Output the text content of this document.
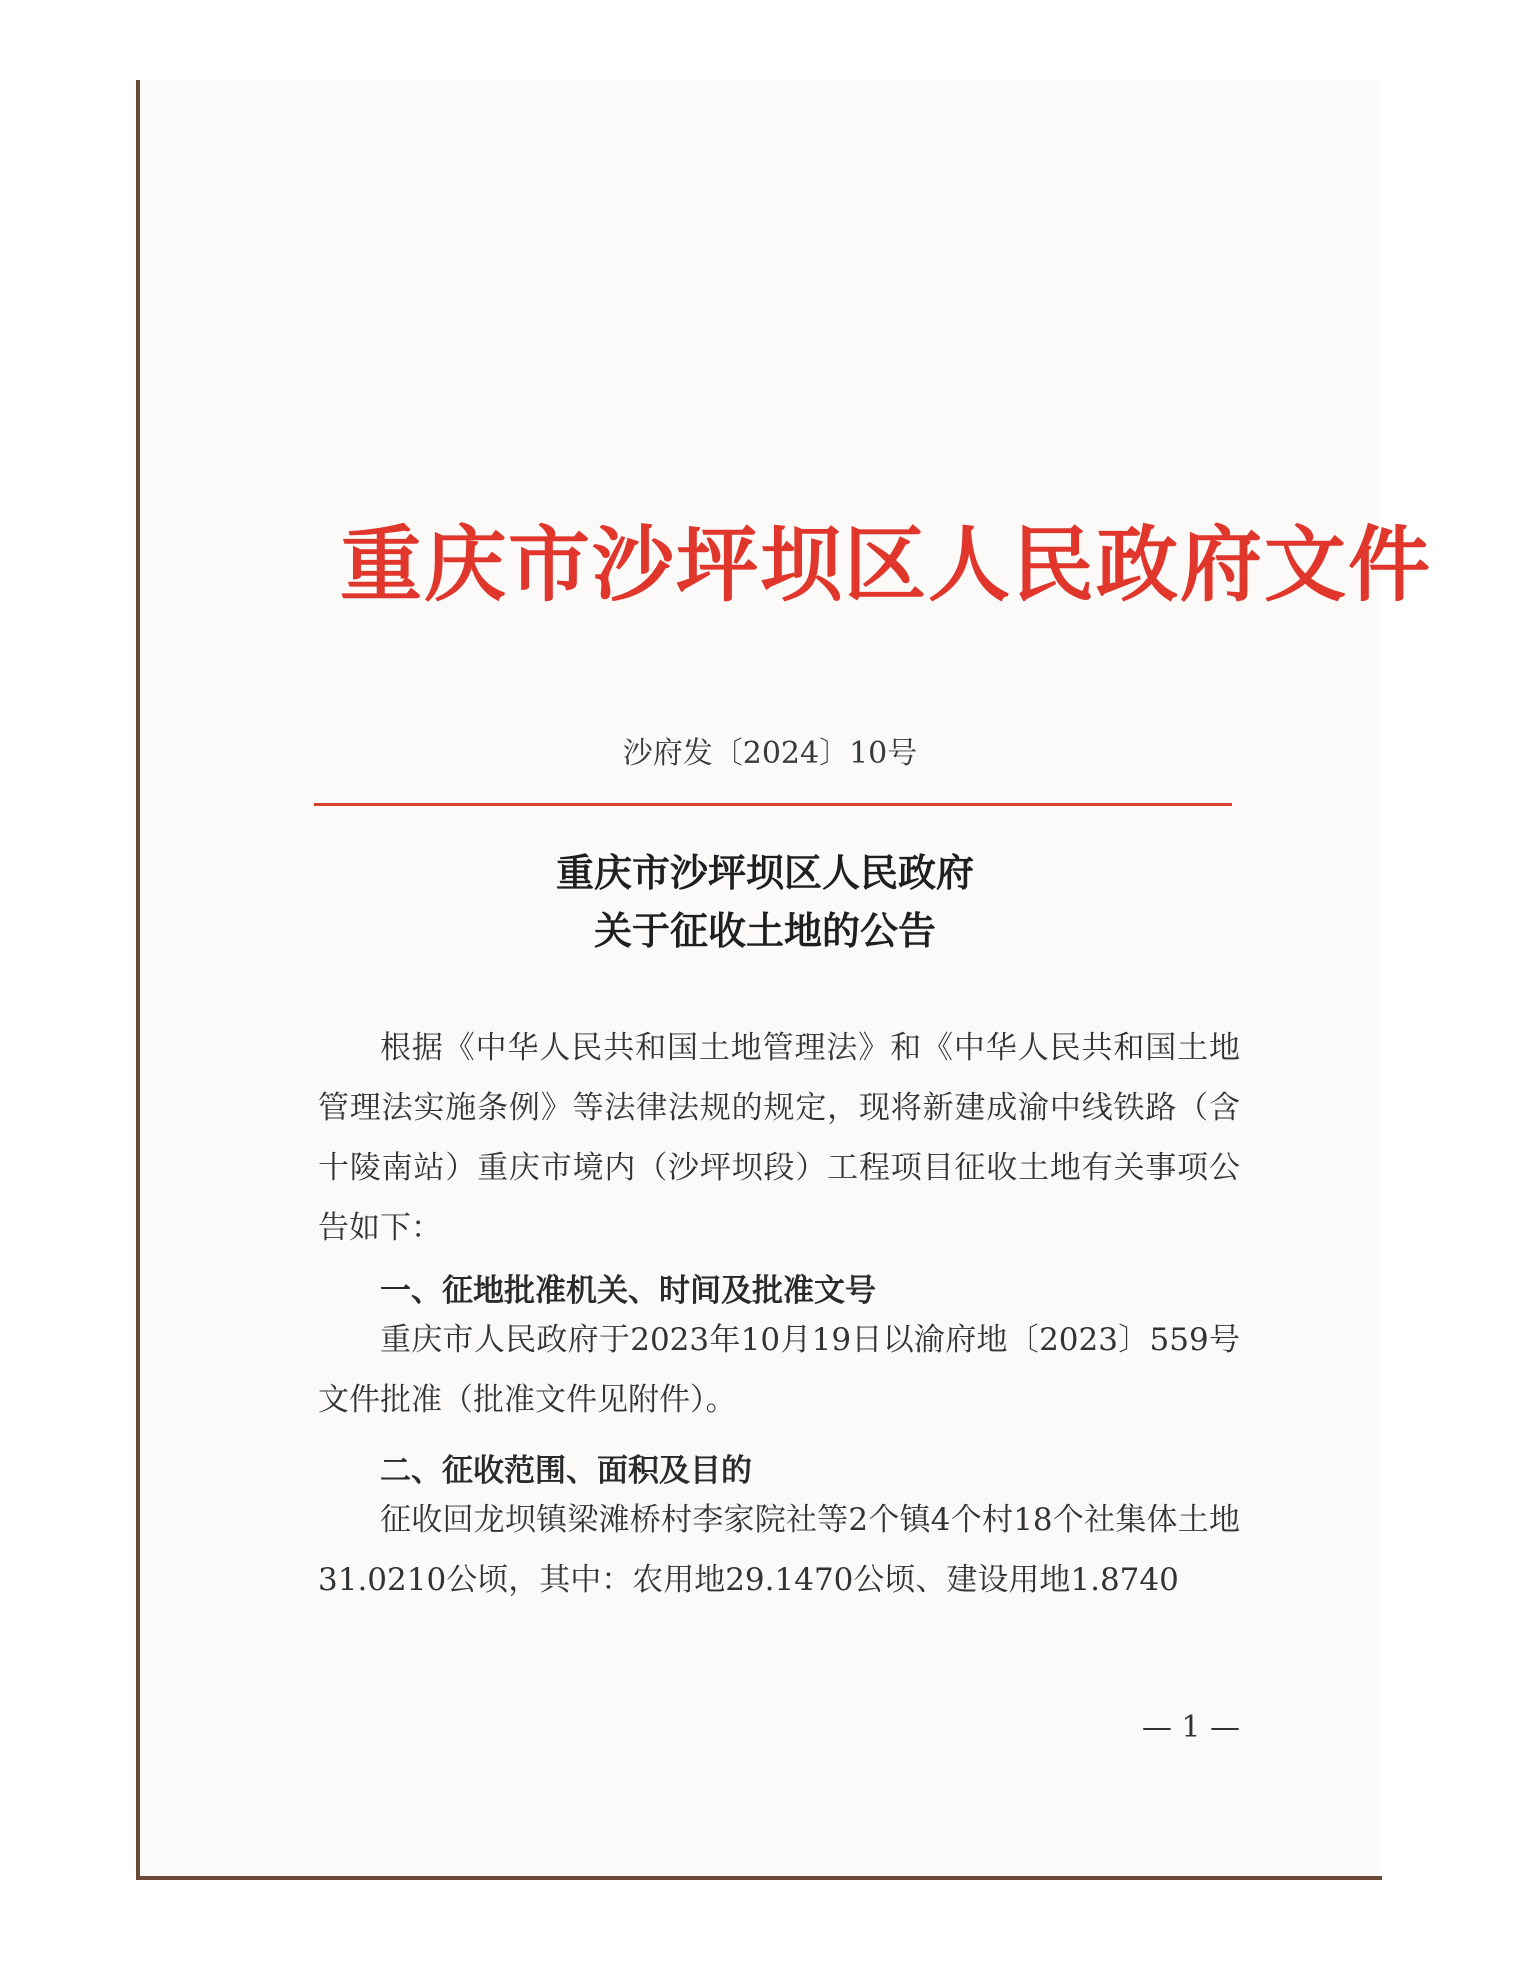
重庆市沙坪坝区人民政府文件
沙府发〔2024〕10号
重庆市沙坪坝区人民政府
关于征收土地的公告
根据《中华人民共和国土地管理法》和《中华人民共和国土地管理法实施条例》等法律法规的规定，现将新建成渝中线铁路（含十陵南站）重庆市境内（沙坪坝段）工程项目征收土地有关事项公告如下：
一、征地批准机关、时间及批准文号
重庆市人民政府于2023年10月19日以渝府地〔2023〕559号文件批准（批准文件见附件）。
二、征收范围、面积及目的
征收回龙坝镇梁滩桥村李家院社等2个镇4个村18个社集体土地31.0210公顷，其中：农用地29.1470公顷、建设用地1.8740
— 1 —
